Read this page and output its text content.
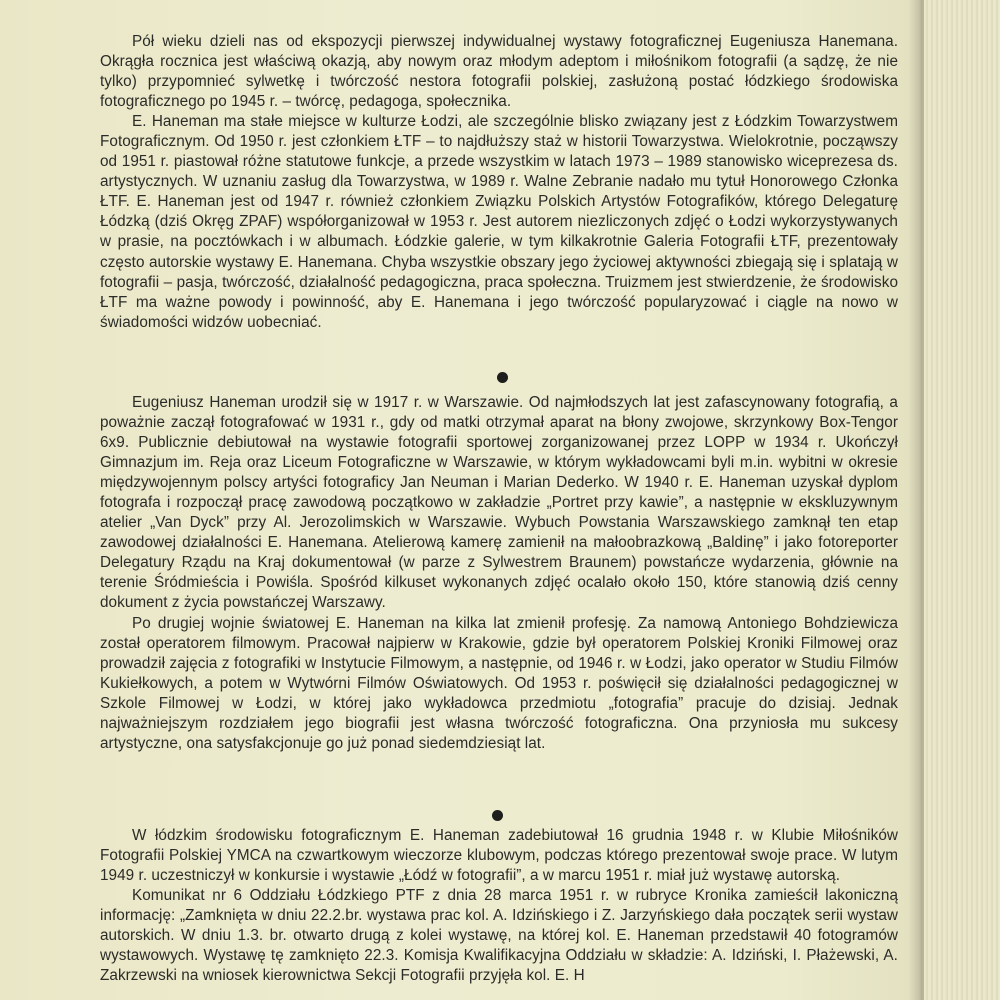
Pół wieku dzieli nas od ekspozycji pierwszej indywidualnej wystawy fotograficznej Eugeniusza Hanemana. Okrągła rocznica jest właściwą okazją, aby nowym oraz młodym adeptom i miłośnikom fotografii (a sądzę, że nie tylko) przypomnieć sylwetkę i twórczość nestora fotografii polskiej, zasłużoną postać łódzkiego środowiska fotograficznego po 1945 r. – twórcę, pedagoga, społecznika.

E. Haneman ma stałe miejsce w kulturze Łodzi, ale szczególnie blisko związany jest z Łódzkim Towarzystwem Fotograficznym. Od 1950 r. jest członkiem ŁTF – to najdłuższy staż w historii Towarzystwa. Wielokrotnie, począwszy od 1951 r. piastował różne statutowe funkcje, a przede wszystkim w latach 1973 – 1989 stanowisko wiceprezesa ds. artystycznych. W uznaniu zasług dla Towarzystwa, w 1989 r. Walne Zebranie nadało mu tytuł Honorowego Członka ŁTF. E. Haneman jest od 1947 r. również członkiem Związku Polskich Artystów Fotografików, którego Delegaturę Łódzką (dziś Okręg ZPAF) współorganizował w 1953 r. Jest autorem niezliczonych zdjęć o Łodzi wykorzystywanych w prasie, na pocztówkach i w albumach. Łódzkie galerie, w tym kilkakrotnie Galeria Fotografii ŁTF, prezentowały często autorskie wystawy E. Hanemana. Chyba wszystkie obszary jego życiowej aktywności zbiegają się i splatają w fotografii – pasja, twórczość, działalność pedagogiczna, praca społeczna. Truizmem jest stwierdzenie, że środowisko ŁTF ma ważne powody i powinność, aby E. Hanemana i jego twórczość popularyzować i ciągle na nowo w świadomości widzów uobecniać.

Eugeniusz Haneman urodził się w 1917 r. w Warszawie. Od najmłodszych lat jest zafascynowany fotografią, a poważnie zaczął fotografować w 1931 r., gdy od matki otrzymał aparat na błony zwojowe, skrzynkowy Box-Tengor 6x9. Publicznie debiutował na wystawie fotografii sportowej zorganizowanej przez LOPP w 1934 r. Ukończył Gimnazjum im. Reja oraz Liceum Fotograficzne w Warszawie, w którym wykładowcami byli m.in. wybitni w okresie międzywojennym polscy artyści fotograficy Jan Neuman i Marian Dederko. W 1940 r. E. Haneman uzyskał dyplom fotografa i rozpoczął pracę zawodową początkowo w zakładzie „Portret przy kawie”, a następnie w ekskluzywnym atelier „Van Dyck” przy Al. Jerozolimskich w Warszawie. Wybuch Powstania Warszawskiego zamknął ten etap zawodowej działalności E. Hanemana. Atelierową kamerę zamienił na małoobrazkową „Baldinę” i jako fotoreporter Delegatury Rządu na Kraj dokumentował (w parze z Sylwestrem Braunem) powstańcze wydarzenia, głównie na terenie Śródmieścia i Powiśla. Spośród kilkuset wykonanych zdjęć ocalało około 150, które stanowią dziś cenny dokument z życia powstańczej Warszawy.

Po drugiej wojnie światowej E. Haneman na kilka lat zmienił profesję. Za namową Antoniego Bohdziewicza został operatorem filmowym. Pracował najpierw w Krakowie, gdzie był operatorem Polskiej Kroniki Filmowej oraz prowadził zajęcia z fotografiki w Instytucie Filmowym, a następnie, od 1946 r. w Łodzi, jako operator w Studiu Filmów Kukiełkowych, a potem w Wytwórni Filmów Oświatowych. Od 1953 r. poświęcił się działalności pedagogicznej w Szkole Filmowej w Łodzi, w której jako wykładowca przedmiotu „fotografia” pracuje do dzisiaj. Jednak najważniejszym rozdziałem jego biografii jest własna twórczość fotograficzna. Ona przyniosła mu sukcesy artystyczne, ona satysfakcjonuje go już ponad siedemdziesiąt lat.

W łódzkim środowisku fotograficznym E. Haneman zadebiutował 16 grudnia 1948 r. w Klubie Miłośników Fotografii Polskiej YMCA na czwartkowym wieczorze klubowym, podczas którego prezentował swoje prace. W lutym 1949 r. uczestniczył w konkursie i wystawie „Łódź w fotografii”, a w marcu 1951 r. miał już wystawę autorską.

Komunikat nr 6 Oddziału Łódzkiego PTF z dnia 28 marca 1951 r. w rubryce Kronika zamieścił lakoniczną informację: „Zamknięta w dniu 22.2.br. wystawa prac kol. A. Idzińskiego i Z. Jarzyńskiego dała początek serii wystaw autorskich. W dniu 1.3. br. otwarto drugą z kolei wystawę, na której kol. E. Haneman przedstawił 40 fotogramów wystawowych. Wystawę tę zamknięto 22.3. Komisja Kwalifikacyjna Oddziału w składzie: A. Idziński, I. Płażewski, A. Zakrzewski na wniosek kierownictwa Sekcji Fotografii przyjęła kol. E. H
